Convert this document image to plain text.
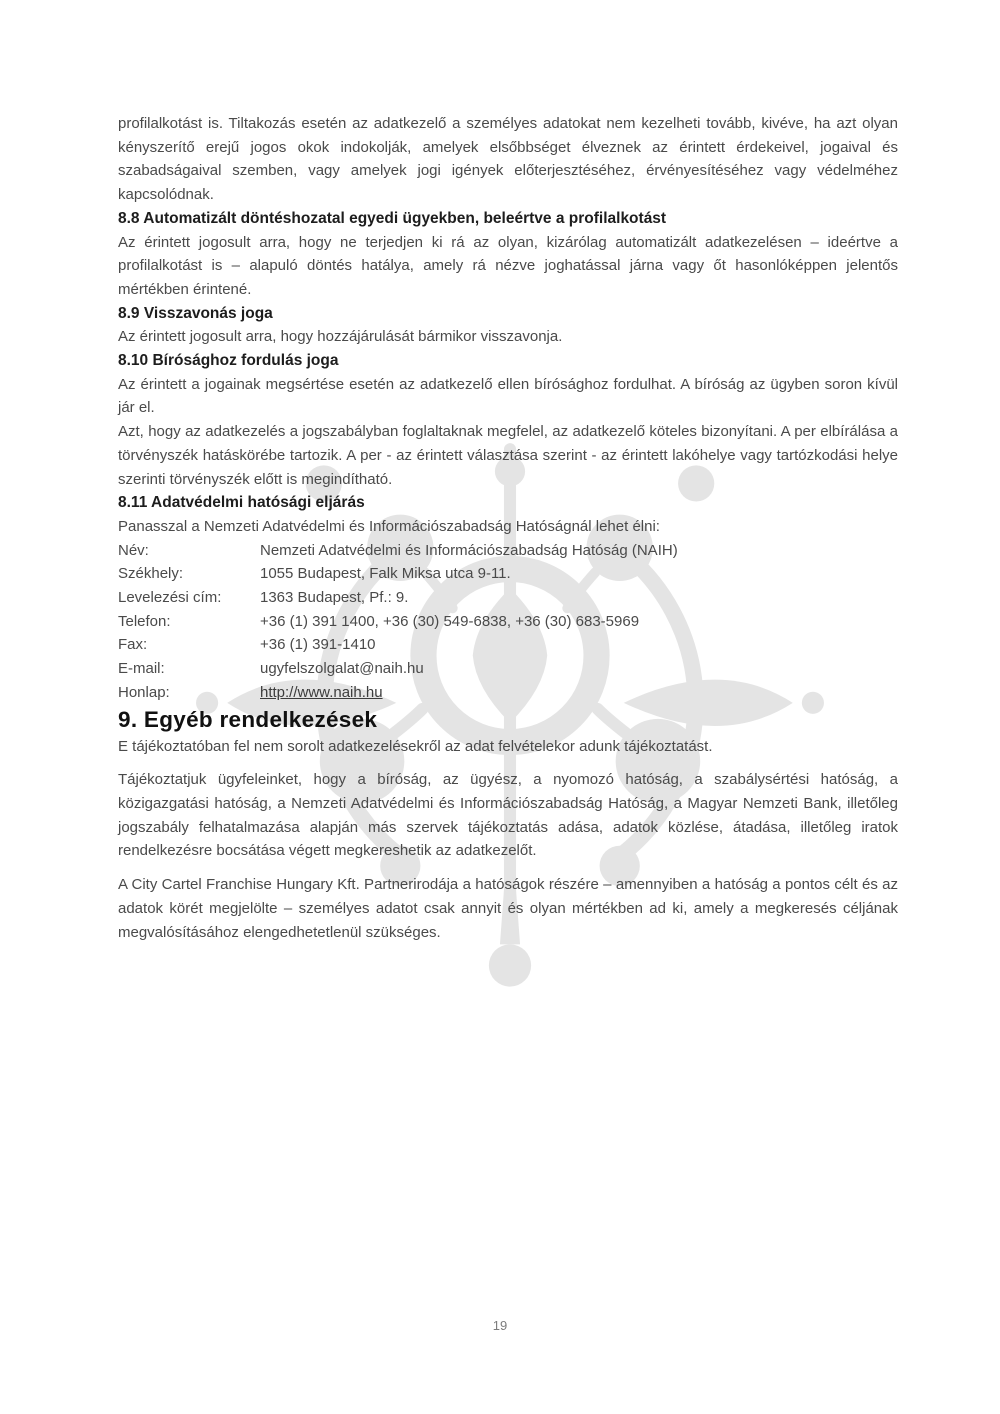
profilalkotást is. Tiltakozás esetén az adatkezelő a személyes adatokat nem kezelheti tovább, kivéve, ha azt olyan kényszerítő erejű jogos okok indokolják, amelyek elsőbbséget élveznek az érintett érdekeivel, jogaival és szabadságaival szemben, vagy amelyek jogi igények előterjesztéséhez, érvényesítéséhez vagy védelméhez kapcsolódnak.

8.8 Automatizált döntéshozatal egyedi ügyekben, beleértve a profilalkotást

Az érintett jogosult arra, hogy ne terjedjen ki rá az olyan, kizárólag automatizált adatkezelésen – ideértve a profilalkotást is – alapuló döntés hatálya, amely rá nézve joghatással járna vagy őt hasonlóképpen jelentős mértékben érintené.

8.9 Visszavonás joga

Az érintett jogosult arra, hogy hozzájárulását bármikor visszavonja.

8.10 Bírósághoz fordulás joga

Az érintett a jogainak megsértése esetén az adatkezelő ellen bírósághoz fordulhat. A bíróság az ügyben soron kívül jár el.

Azt, hogy az adatkezelés a jogszabályban foglaltaknak megfelel, az adatkezelő köteles bizonyítani. A per elbírálása a törvényszék hatáskörébe tartozik. A per - az érintett választása szerint - az érintett lakóhelye vagy tartózkodási helye szerinti törvényszék előtt is megindítható.

8.11 Adatvédelmi hatósági eljárás

Panasszal a Nemzeti Adatvédelmi és Információszabadság Hatóságnál lehet élni:

Név:	Nemzeti Adatvédelmi és Információszabadság Hatóság (NAIH)
Székhely:	1055 Budapest, Falk Miksa utca 9-11.
Levelezési cím:	1363 Budapest, Pf.: 9.
Telefon:	+36 (1) 391 1400, +36 (30) 549-6838, +36 (30) 683-5969
Fax:	+36 (1) 391-1410
E-mail:	ugyfelszolgalat@naih.hu
Honlap:	http://www.naih.hu

9. Egyéb rendelkezések

E tájékoztatóban fel nem sorolt adatkezelésekről az adat felvételekor adunk tájékoztatást.

Tájékoztatjuk ügyfeleinket, hogy a bíróság, az ügyész, a nyomozó hatóság, a szabálysértési hatóság, a közigazgatási hatóság, a Nemzeti Adatvédelmi és Információszabadság Hatóság, a Magyar Nemzeti Bank, illetőleg jogszabály felhatalmazása alapján más szervek tájékoztatás adása, adatok közlése, átadása, illetőleg iratok rendelkezésre bocsátása végett megkereshetik az adatkezelőt.

A City Cartel Franchise Hungary Kft. Partnerirodája a hatóságok részére – amennyiben a hatóság a pontos célt és az adatok körét megjelölte – személyes adatot csak annyit és olyan mértékben ad ki, amely a megkeresés céljának megvalósításához elengedhetetlenül szükséges.

19
